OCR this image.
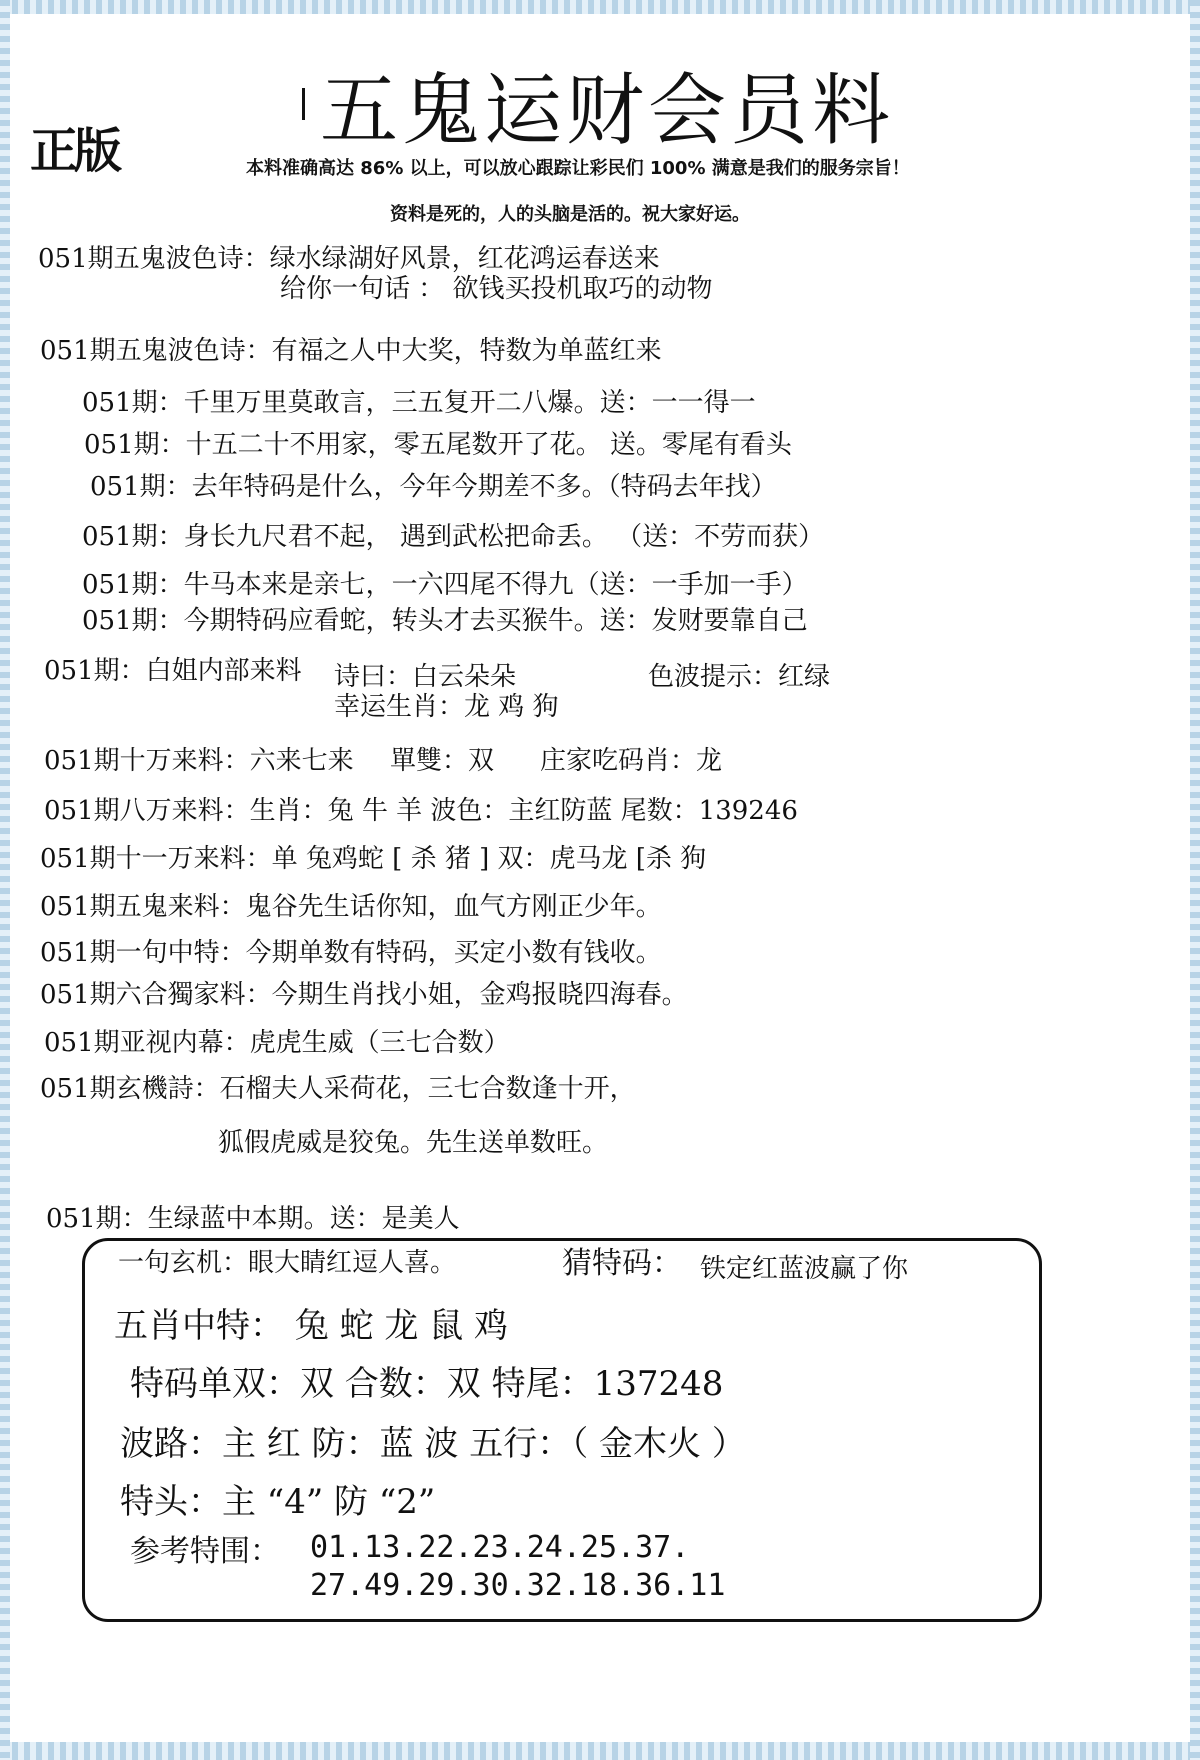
正版	五鬼运财会员料
本料准确高达 86% 以上，可以放心跟踪让彩民们 100% 满意是我们的服务宗旨！
资料是死的，人的头脑是活的。祝大家好运。
051期五鬼波色诗：绿水绿湖好风景，红花鸿运春送来
给你一句话 ： 欲钱买投机取巧的动物
051期五鬼波色诗：有福之人中大奖，特数为单蓝红来
051期：千里万里莫敢言，三五复开二八爆。送：一一得一
051期：十五二十不用家，零五尾数开了花。 送。零尾有看头
051期：去年特码是什么，今年今期差不多。（特码去年找）
051期：身长九尺君不起， 遇到武松把命丢。 （送：不劳而获）
051期：牛马本来是亲七，一六四尾不得九（送：一手加一手）
051期：今期特码应看蛇，转头才去买猴牛。送：发财要靠自己
051期：白姐内部来料 诗曰：白云朵朵	色波提示：红绿
幸运生肖：龙 鸡 狗
051期十万来料：六来七来 單雙：双 庄家吃码肖：龙
051期八万来料：生肖：兔 牛 羊 波色：主红防蓝 尾数：139246
051期十一万来料：单 兔鸡蛇 [ 杀 猪 ] 双：虎马龙 [杀 狗
051期五鬼来料：鬼谷先生话你知，血气方刚正少年。
051期一句中特：今期单数有特码，买定小数有钱收。
051期六合獨家料：今期生肖找小姐，金鸡报晓四海春。
051期亚视内幕：虎虎生威（三七合数）
051期玄機詩：石榴夫人采荷花，三七合数逢十开，
狐假虎威是狡兔。先生送单数旺。
051期：生绿蓝中本期。送：是美人
一句玄机：眼大睛红逗人喜。	猜特码： 铁定红蓝波赢了你
五肖中特： 兔 蛇 龙 鼠 鸡
特码单双：双 合数：双 特尾：137248
波路：主 红 防：蓝 波 五行：（ 金木火 ）
特头：主 “4” 防 “2”
参考特围： 01.13.22.23.24.25.37.
27.49.29.30.32.18.36.11
